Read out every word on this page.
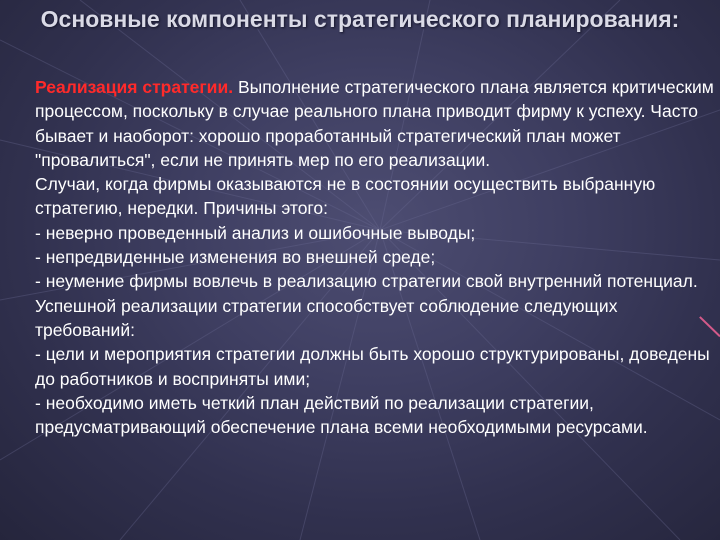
Основные компоненты стратегического планирования:

Реализация стратегии. Выполнение стратегического плана является критическим процессом, поскольку в случае реального плана приводит фирму к успеху. Часто бывает и наоборот: хорошо проработанный стратегический план может "провалиться", если не принять мер по его реализации.

Случаи, когда фирмы оказываются не в состоянии осуществить выбранную стратегию, нередки. Причины этого:

- неверно проведенный анализ и ошибочные выводы;

- непредвиденные изменения во внешней среде;

- неумение фирмы вовлечь в реализацию стратегии свой внутренний потенциал.

Успешной реализации стратегии способствует соблюдение следующих требований:

- цели и мероприятия стратегии должны быть хорошо структурированы, доведены до работников и восприняты ими;

- необходимо иметь четкий план действий по реализации стратегии, предусматривающий обеспечение плана всеми необходимыми ресурсами.
